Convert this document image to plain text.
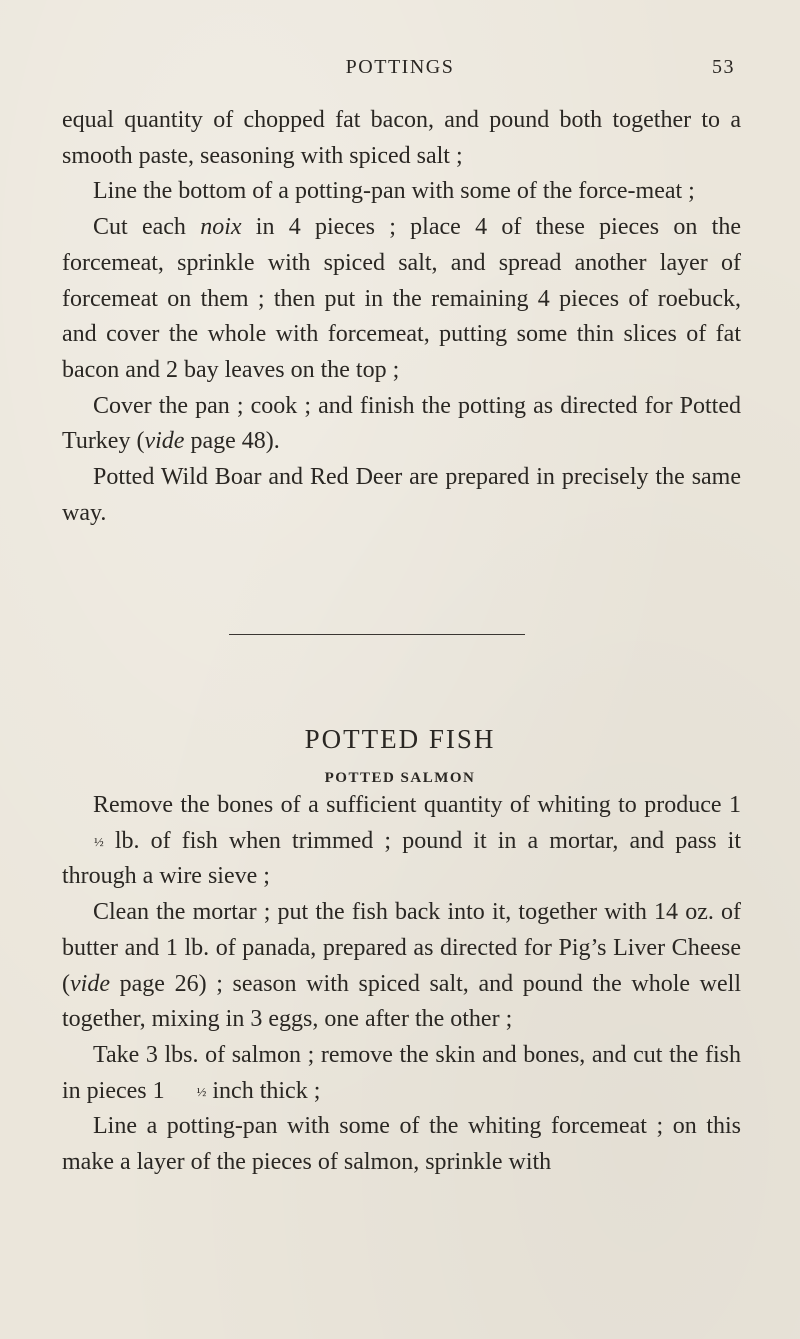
POTTINGS	53

equal quantity of chopped fat bacon, and pound both together to a smooth paste, seasoning with spiced salt ;

Line the bottom of a potting-pan with some of the force-meat ;

Cut each noix in 4 pieces ; place 4 of these pieces on the forcemeat, sprinkle with spiced salt, and spread another layer of forcemeat on them ; then put in the remaining 4 pieces of roebuck, and cover the whole with forcemeat, putting some thin slices of fat bacon and 2 bay leaves on the top ;

Cover the pan ; cook ; and finish the potting as directed for Potted Turkey (vide page 48).

Potted Wild Boar and Red Deer are prepared in precisely the same way.

POTTED FISH
POTTED SALMON

Remove the bones of a sufficient quantity of whiting to produce 1½ lb. of fish when trimmed ; pound it in a mortar, and pass it through a wire sieve ;

Clean the mortar ; put the fish back into it, together with 14 oz. of butter and 1 lb. of panada, prepared as directed for Pig’s Liver Cheese (vide page 26) ; season with spiced salt, and pound the whole well together, mixing in 3 eggs, one after the other ;

Take 3 lbs. of salmon ; remove the skin and bones, and cut the fish in pieces 1 ½ inch thick ;

Line a potting-pan with some of the whiting forcemeat ; on this make a layer of the pieces of salmon, sprinkle with
